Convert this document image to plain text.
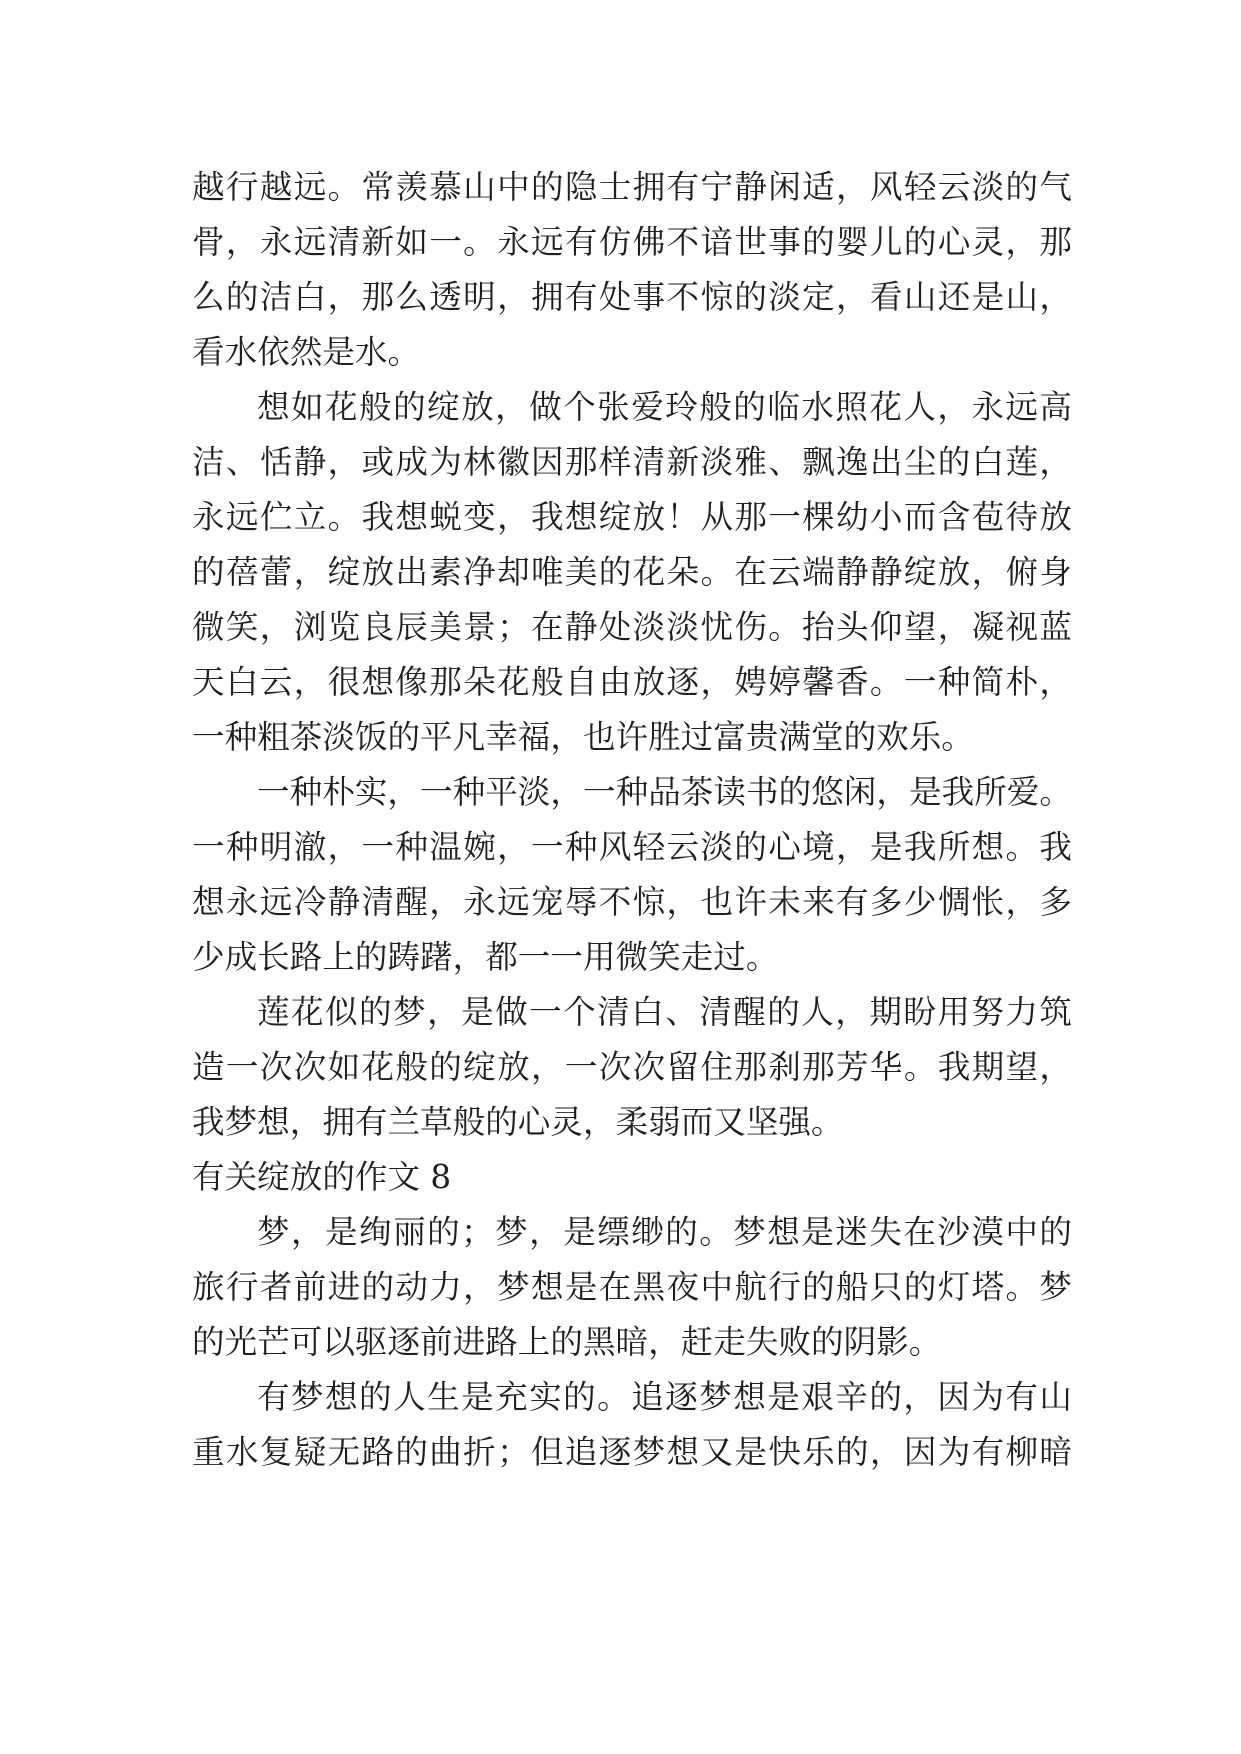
越行越远。常羡慕山中的隐士拥有宁静闲适，风轻云淡的气
骨，永远清新如一。永远有仿佛不谙世事的婴儿的心灵，那
么的洁白，那么透明，拥有处事不惊的淡定，看山还是山，
看水依然是水。
想如花般的绽放，做个张爱玲般的临水照花人，永远高
洁、恬静，或成为林徽因那样清新淡雅、飘逸出尘的白莲，
永远伫立。我想蜕变，我想绽放！从那一棵幼小而含苞待放
的蓓蕾，绽放出素净却唯美的花朵。在云端静静绽放，俯身
微笑，浏览良辰美景；在静处淡淡忧伤。抬头仰望，凝视蓝
天白云，很想像那朵花般自由放逐，娉婷馨香。一种简朴，
一种粗茶淡饭的平凡幸福，也许胜过富贵满堂的欢乐。
一种朴实，一种平淡，一种品茶读书的悠闲，是我所爱。
一种明澈，一种温婉，一种风轻云淡的心境，是我所想。我
想永远冷静清醒，永远宠辱不惊，也许未来有多少惆怅，多
少成长路上的踌躇，都一一用微笑走过。
莲花似的梦，是做一个清白、清醒的人，期盼用努力筑
造一次次如花般的绽放，一次次留住那刹那芳华。我期望，
我梦想，拥有兰草般的心灵，柔弱而又坚强。
有关绽放的作文 8
梦，是绚丽的；梦，是缥缈的。梦想是迷失在沙漠中的
旅行者前进的动力，梦想是在黑夜中航行的船只的灯塔。梦
的光芒可以驱逐前进路上的黑暗，赶走失败的阴影。
有梦想的人生是充实的。追逐梦想是艰辛的，因为有山
重水复疑无路的曲折；但追逐梦想又是快乐的，因为有柳暗
